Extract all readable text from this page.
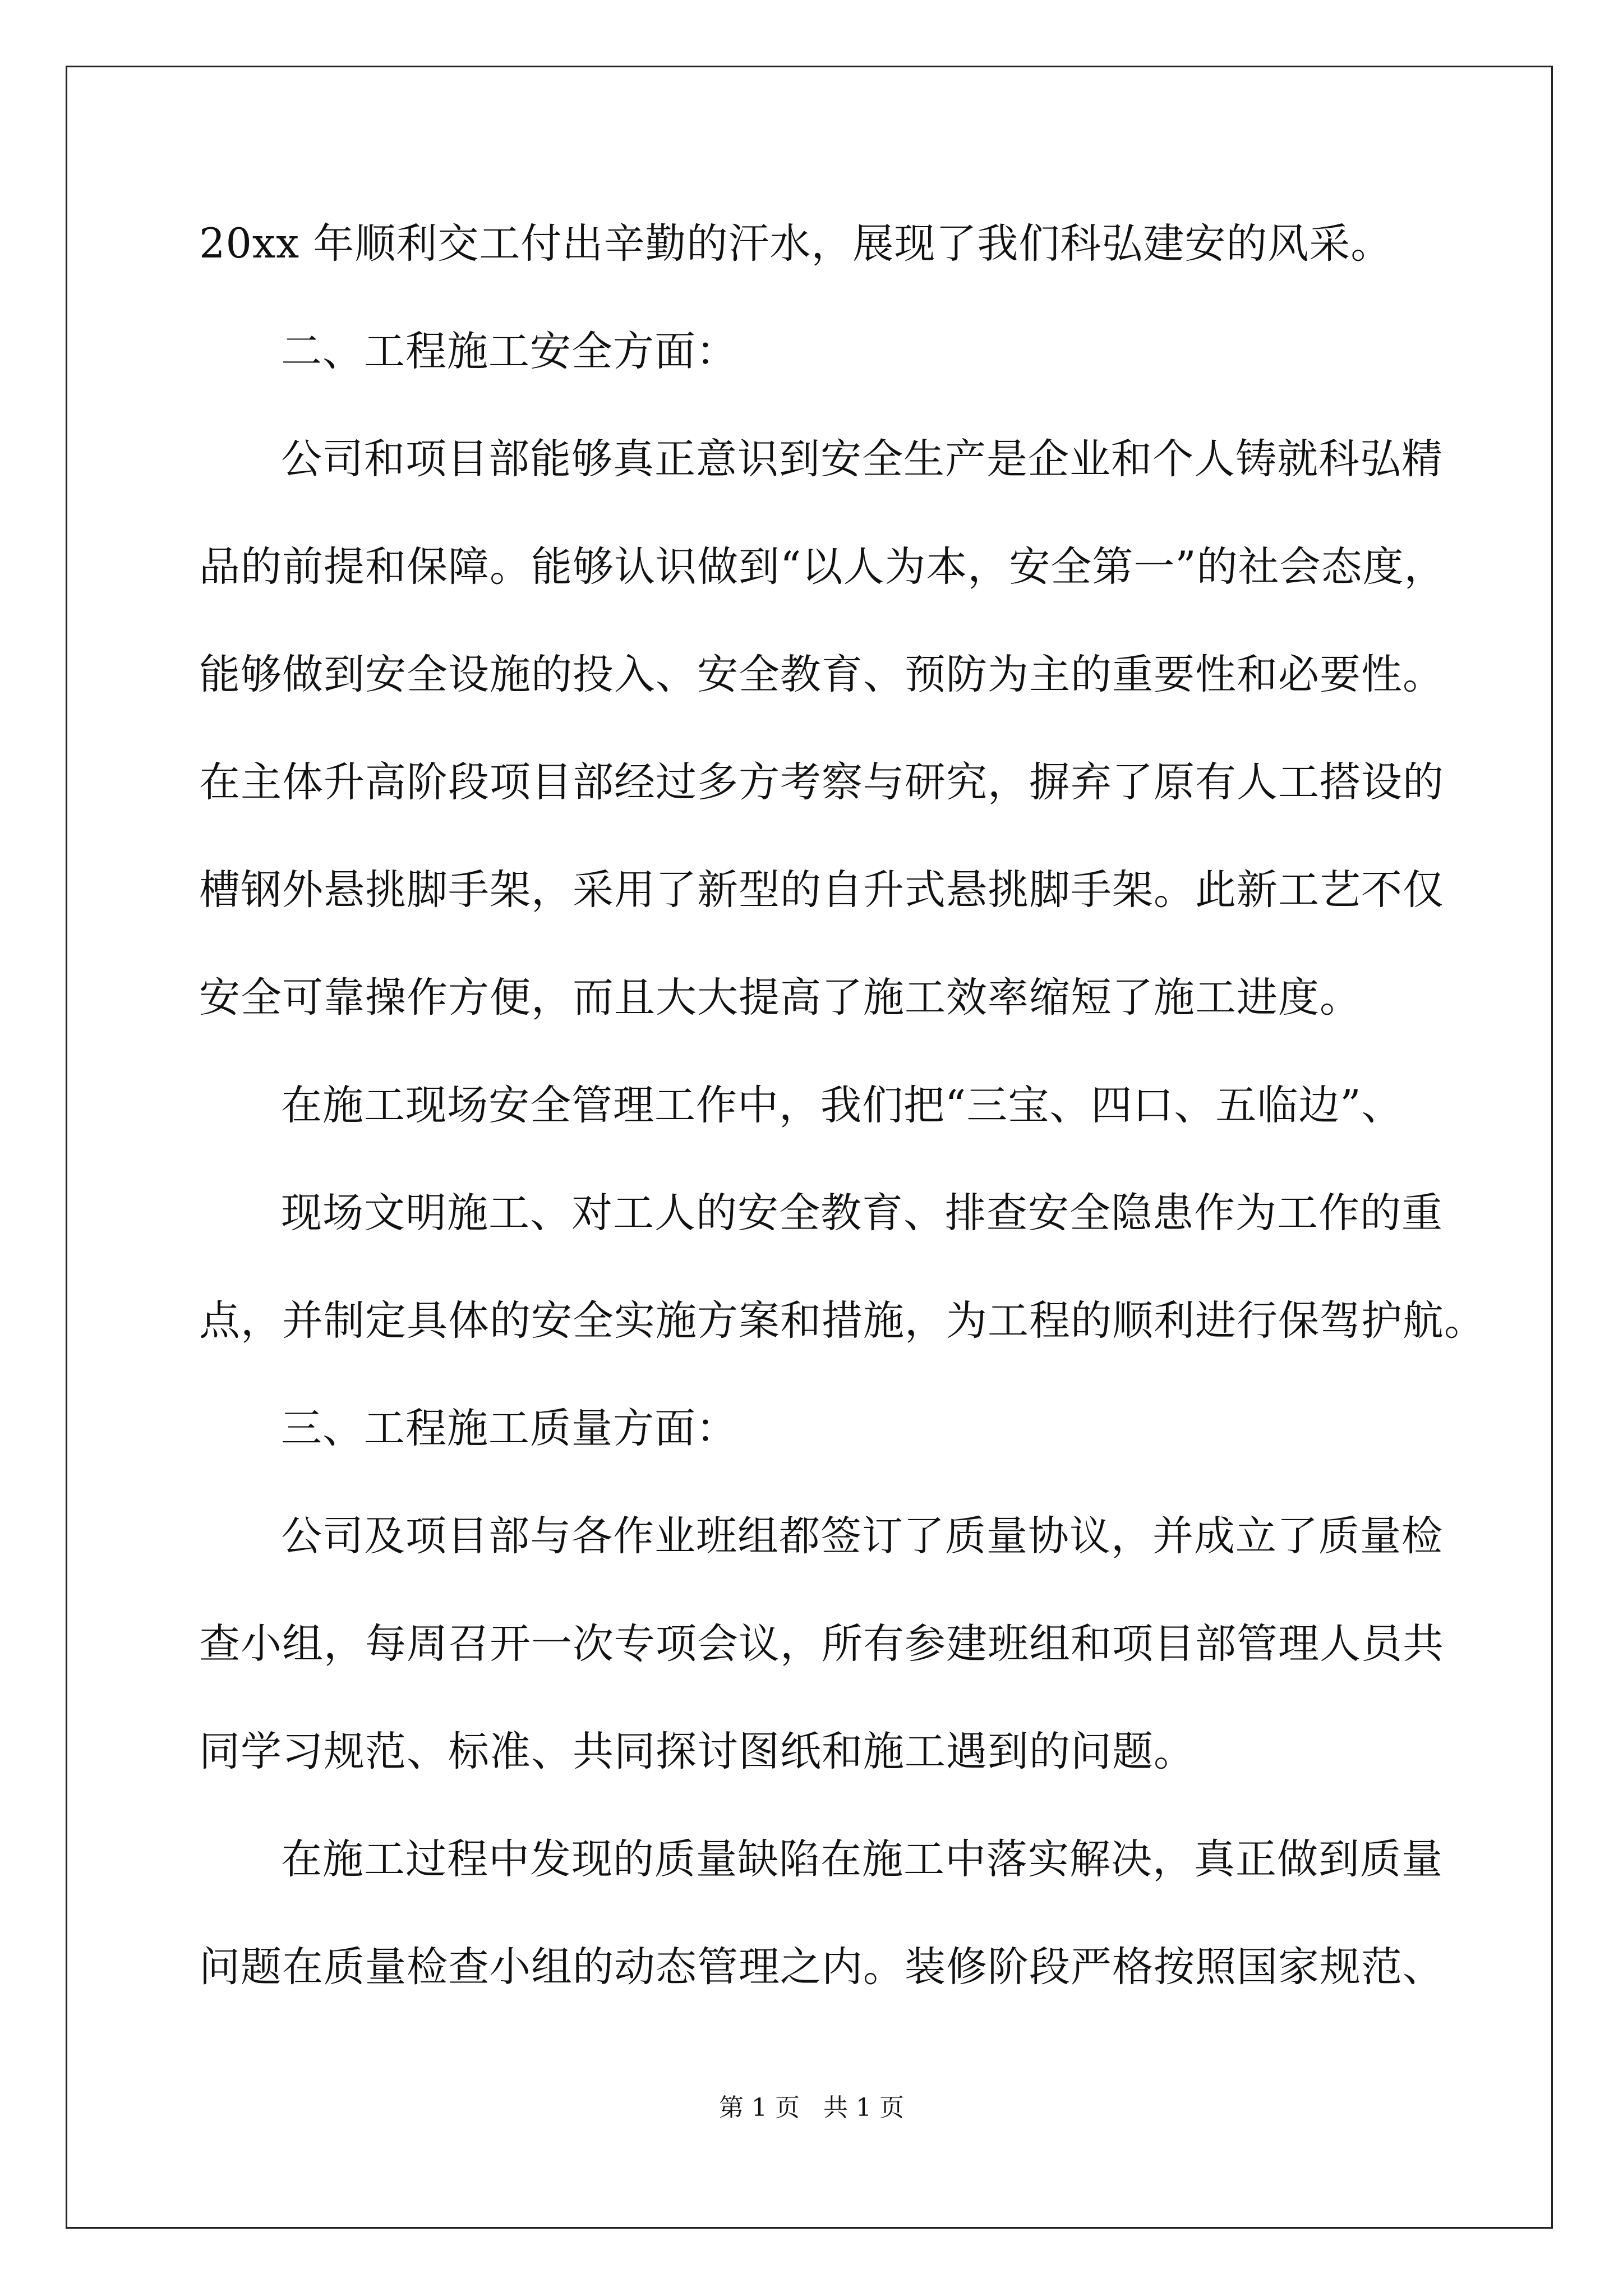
20xx 年顺利交工付出辛勤的汗水，展现了我们科弘建安的风采。
二、工程施工安全方面：
公司和项目部能够真正意识到安全生产是企业和个人铸就科弘精
品的前提和保障。能够认识做到“以人为本，安全第一”的社会态度，
能够做到安全设施的投入、安全教育、预防为主的重要性和必要性。
在主体升高阶段项目部经过多方考察与研究，摒弃了原有人工搭设的
槽钢外悬挑脚手架，采用了新型的自升式悬挑脚手架。此新工艺不仅
安全可靠操作方便，而且大大提高了施工效率缩短了施工进度。
在施工现场安全管理工作中，我们把“三宝、四口、五临边”、
现场文明施工、对工人的安全教育、排查安全隐患作为工作的重
点，并制定具体的安全实施方案和措施，为工程的顺利进行保驾护航。
三、工程施工质量方面：
公司及项目部与各作业班组都签订了质量协议，并成立了质量检
查小组，每周召开一次专项会议，所有参建班组和项目部管理人员共
同学习规范、标准、共同探讨图纸和施工遇到的问题。
在施工过程中发现的质量缺陷在施工中落实解决，真正做到质量
问题在质量检查小组的动态管理之内。装修阶段严格按照国家规范、
第 1 页   共 1 页
